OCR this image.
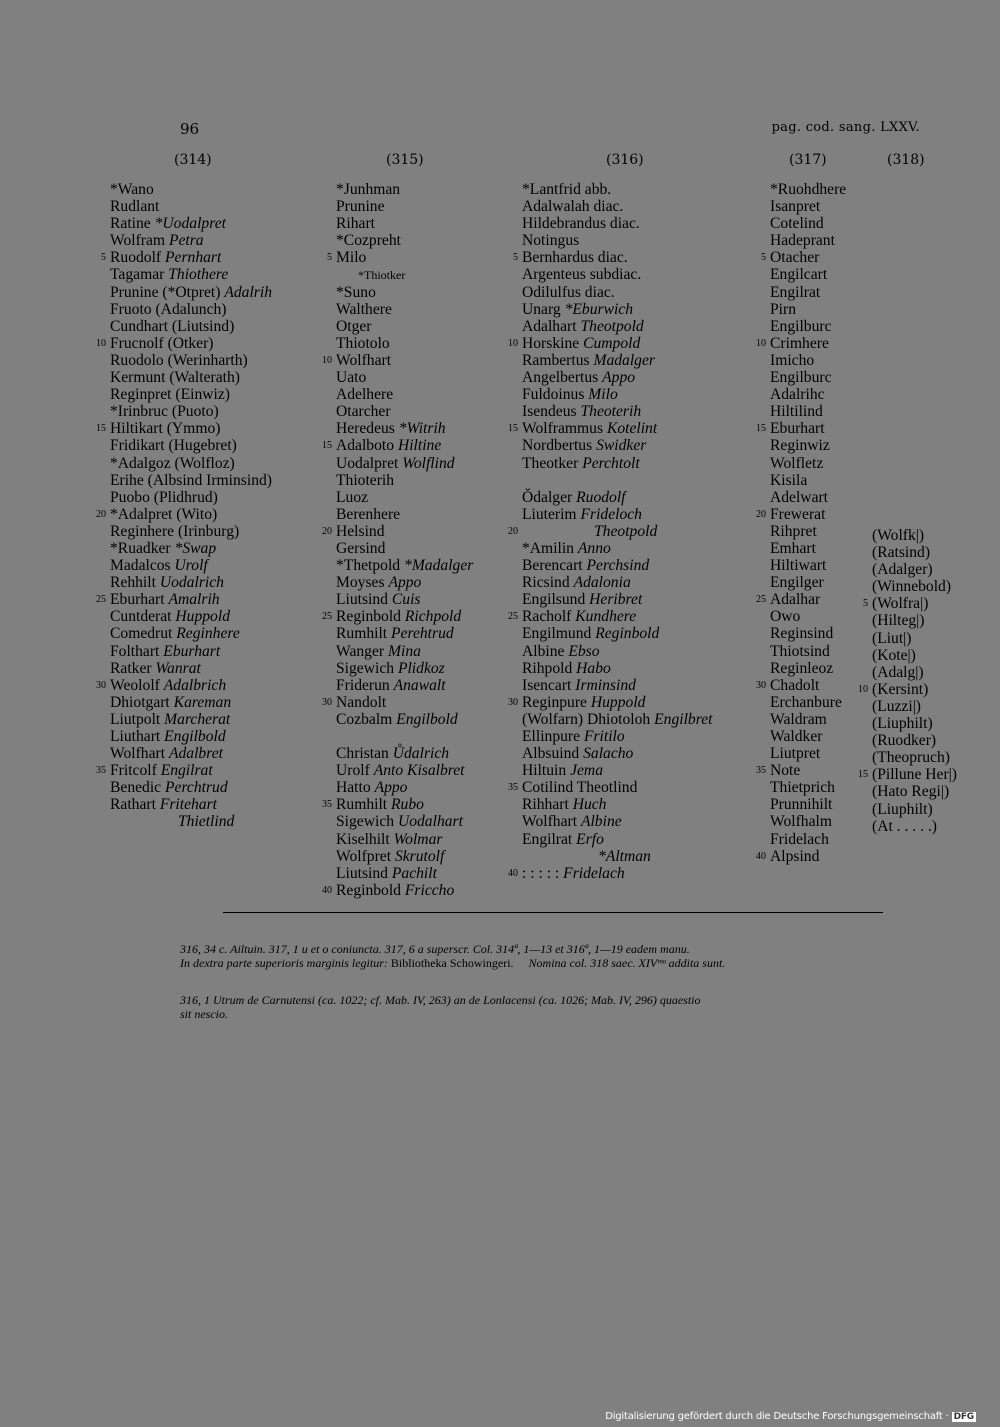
96	pag. cod. sang. LXXV.
(314)	(315)	(316)	(317)	(318)
*Wano
Rudlant
Ratine *Uodalpret
Wolfram Petra
5 Ruodolf Pernhart
Tagamar Thiothere
Prunine (*Otpret) Adalrih
Fruoto (Adalunch)
Cundhart (Liutsind)
10 Frucnolf (Otker)
Ruodolo (Werinharth)
Kermunt (Walterath)
Reginpret (Einwiz)
*Irinbruc (Puoto)
15 Hiltikart (Ymmo)
Fridikart (Hugebret)
*Adalgoz (Wolfloz)
Erihe (Albsind Irminsind)
Puobo (Plidhrud)
20 *Adalpret (Wito)
Reginhere (Irinburg)
*Ruadker *Swap
Madalcos Urolf
Rehhilt Uodalrich
25 Eburhart Amalrih
Cuntderat Huppold
Comedrut Reginhere
Folthart Eburhart
Ratker Wanrat
30 Weololf Adalbrich
Dhiotgart Kareman
Liutpolt Marcherat
Liuthart Engilbold
Wolfhart Adalbret
35 Fritcolf Engilrat
Benedic Perchtrud
Rathart Fritehart
Thietlind
*Junhman
Prunine
Rihart
*Cozpreht
5 Milo
*Thiotker
*Suno
Walthere
Otger
Thiotolo
10 Wolfhart
Uato
Adelhere
Otarcher
Heredeus *Witrih
15 Adalboto Hiltine
Uodalpret Wolflind
Thioterih
Luoz
Berenhere
20 Helsind
Gersind
*Thetpold *Madalger
Moyses Appo
Liutsind Cuis
25 Reginbold Richpold
Rumhilt Perehtrud
Wanger Mina
Sigewich Plidkoz
Friderun Anawalt
30 Nandolt
Cozbalm Engilbold
Christan Ůdalrich
Urolf Anto Kisalbret
Hatto Appo
35 Rumhilt Rubo
Sigewich Uodalhart
Kiselhilt Wolmar
Wolfpret Skrutolf
Liutsind Pachilt
40 Reginbold Friccho
*Lantfrid abb.
Adalwalah diac.
Hildebrandus diac.
Notingus
5 Bernhardus diac.
Argenteus subdiac.
Odilulfus diac.
Unarg *Eburwich
Adalhart Theotpold
10 Horskine Cumpold
Rambertus Madalger
Angelbertus Appo
Fuldoinus Milo
Isendeus Theoterih
15 Wolframmus Kotelint
Nordbertus Swidker
Theotker Perchtolt
Ǒdalger Ruodolf
Liuterim Frideloch
20	Theotpold
*Amilin Anno
Berencart Perchsind
Ricsind Adalonia
Engilsund Heribret
25 Racholf Kundhere
Engilmund Reginbold
Albine Ebso
Rihpold Habo
Isencart Irminsind
30 Reginpure Huppold
(Wolfarn) Dhiotoloh Engilbret
Ellinpure Fritilo
Albsuind Salacho
Hiltuin Jema
35 Cotilind Theotlind
Rihhart Huch
Wolfhart Albine
Engilrat Erfo
*Altman
40 : : : : : Fridelach
*Ruohdhere
Isanpret
Cotelind
Hadeprant
5 Otacher
Engilcart
Engilrat
Pirn
Engilburc
10 Crimhere
Imicho
Engilburc
Adalrihc
Hiltilind
15 Eburhart
Reginwiz
Wolfletz
Kisila
Adelwart
20 Frewerat
Rihpret
Emhart
Hiltiwart
Engilger
25 Adalhar
Owo
Reginsind
Thiotsind
Reginleoz
30 Chadolt
Erchanbure
Waldram
Waldker
Liutpret
35 Note
Thietprich
Prunnihilt
Wolfhalm
Fridelach
40 Alpsind
(Wolfk|)
(Ratsind)
(Adalger)
(Winnebold)
5 (Wolfra|)
(Hilteg|)
(Liut|)
(Kote|)
(Adalg|)
10 (Kersint)
(Luzzi|)
(Liuphilt)
(Ruodker)
(Theopruch)
15 (Pillune Her|)
(Hato Regi|)
(Liuphilt)
(At . . . . .)
316, 34 c. Ailtuin. 317, 1 u et o coniuncta. 317, 6 a superscr. Col. 314ª, 1—13 et 316ª, 1—19 eadem manu.
In dextra parte superioris marginis legitur: Bibliotheka Schowingeri. Nomina col. 318 saec. XIVᵐᵒ addita sunt.
316, 1 Utrum de Carnutensi (ca. 1022; cf. Mab. IV, 263) an de Lonlacensi (ca. 1026; Mab. IV, 296) quaestio
sit nescio.
Digitalisierung gefördert durch die Deutsche Forschungsgemeinschaft · DFG
